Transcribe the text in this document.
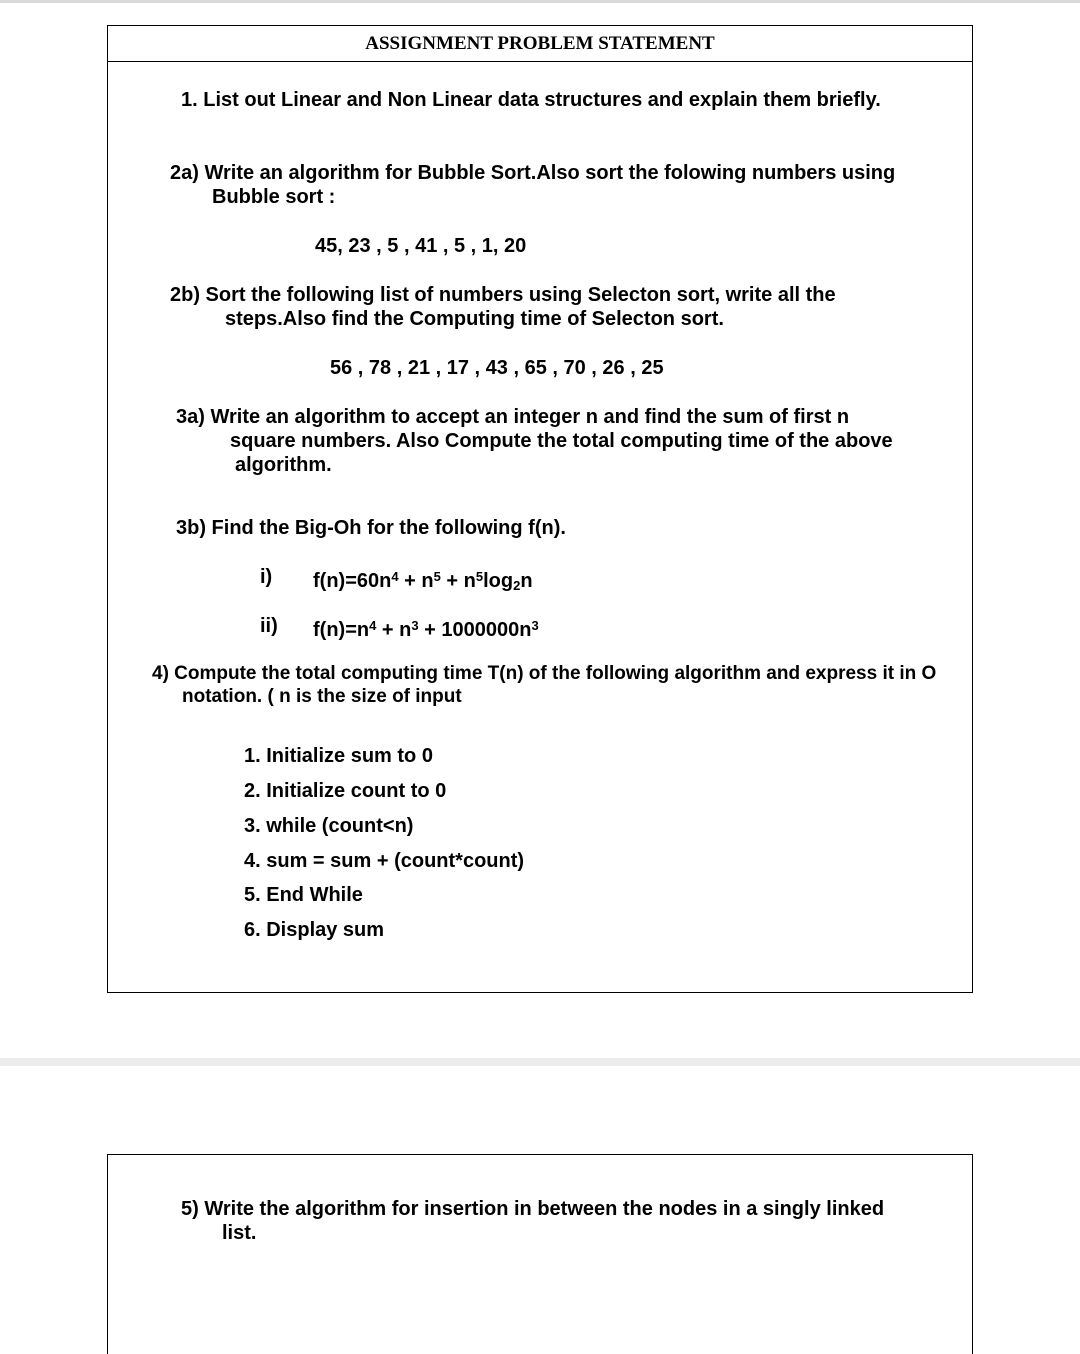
ASSIGNMENT PROBLEM STATEMENT
1. List out Linear and Non Linear data structures and explain them briefly.
2a) Write an algorithm for Bubble Sort.Also sort the folowing numbers using
Bubble sort :
45, 23 , 5 , 41 , 5 , 1, 20
2b) Sort the following list of numbers using Selecton sort, write all the
steps.Also find the Computing time of Selecton sort.
56 , 78 , 21 , 17 , 43 , 65 , 70 , 26 , 25
3a) Write an algorithm to accept an integer n and find the sum of first n
square numbers. Also Compute the total computing time of the above
algorithm.
3b) Find the Big-Oh for the following f(n).
i) $f(n)=60n^4 + n^5 + n^5\log_2n$
ii) $f(n)=n^4 + n^3 + 1000000n^3$
4) Compute the total computing time T(n) of the following algorithm and express it in O
notation. ( n is the size of input
1. Initialize sum to 0
2. Initialize count to 0
3. while (count<n)
4. sum = sum + (count*count)
5. End While
6. Display sum
5) Write the algorithm for insertion in between the nodes in a singly linked
list.
